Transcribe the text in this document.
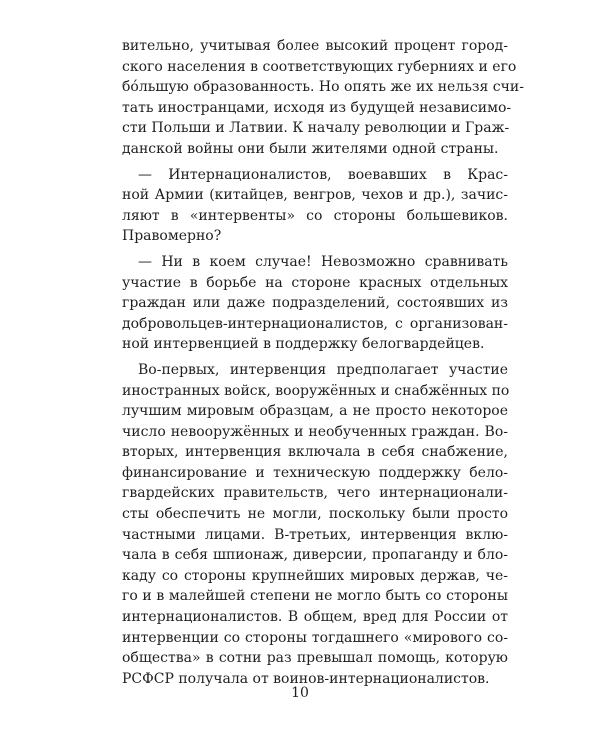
вительно, учитывая более высокий процент город-
ского населения в соответствующих губерниях и его
бóльшую образованность. Но опять же их нельзя счи-
тать иностранцами, исходя из будущей независимо-
сти Польши и Латвии. К началу революции и Граж-
данской войны они были жителями одной страны.
— Интернационалистов, воевавших в Крас-
ной Армии (китайцев, венгров, чехов и др.), зачис-
ляют в «интервенты» со стороны большевиков.
Правомерно?
— Ни в коем случае! Невозможно сравнивать
участие в борьбе на стороне красных отдельных
граждан или даже подразделений, состоявших из
добровольцев-интернационалистов, с организован-
ной интервенцией в поддержку белогвардейцев.
Во-первых, интервенция предполагает участие
иностранных войск, вооружённых и снабжённых по
лучшим мировым образцам, а не просто некоторое
число невооружённых и необученных граждан. Во-
вторых, интервенция включала в себя снабжение,
финансирование и техническую поддержку бело-
гвардейских правительств, чего интернационали-
сты обеспечить не могли, поскольку были просто
частными лицами. В-третьих, интервенция вклю-
чала в себя шпионаж, диверсии, пропаганду и бло-
каду со стороны крупнейших мировых держав, че-
го и в малейшей степени не могло быть со стороны
интернационалистов. В общем, вред для России от
интервенции со стороны тогдашнего «мирового со-
общества» в сотни раз превышал помощь, которую
РСФСР получала от воинов-интернационалистов.
10
